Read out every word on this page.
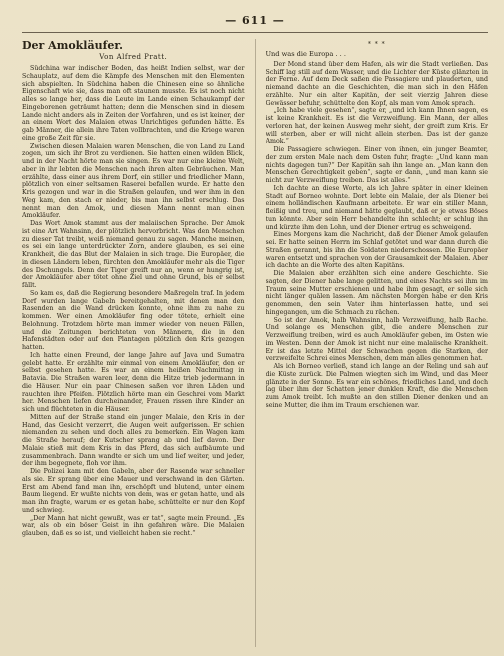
— 611 —
Der Amokläufer.
Von Alfred Pratt.

Südchina war indischer Boden, das heißt Indien selbst, war der Schauplatz, auf dem die Kämpfe des Menschen mit den Elementen sich abspielten. In Südchina haben die Chinesen eine so ähnliche Eigenschaft wie sie, dass man oft staunen musste. Es ist noch nicht alles so lange her, dass die Leute im Lande einen Schaukampf der Eingeborenen geträumt hatten; denn die Menschen sind in diesem Lande nicht anders als in Zeiten der Vorfahren, und es ist keiner, der an einem Wort des Malaien etwas Unrichtiges gefunden hätte. Es gab Männer, die allein ihre Taten vollbrachten, und die Kriege waren eine große Zeit für sie.

Zwischen diesen Malaien waren Menschen, die von Land zu Land zogen, um sich ihr Brot zu verdienen. Sie hatten einen wilden Blick, und in der Nacht hörte man sie singen. Es war nur eine kleine Welt, aber in ihr lebten die Menschen nach ihren alten Gebräuchen. Man erzählte, dass einer aus ihrem Dorf, ein stiller und friedlicher Mann, plötzlich von einer seltsamen Raserei befallen wurde. Er hatte den Kris gezogen und war in die Straßen gelaufen, und wer ihm in den Weg kam, den stach er nieder, bis man ihn selbst erschlug. Das nennt man den Amok, und diesen Mann nennt man einen Amokläufer.

Das Wort Amok stammt aus der malaiischen Sprache. Der Amok ist eine Art Wahnsinn, der plötzlich hervorbricht. Was den Menschen zu dieser Tat treibt, weiß niemand genau zu sagen. Manche meinen, es sei ein lange unterdrückter Zorn, andere glauben, es sei eine Krankheit, die das Blut der Malaien in sich trage. Die Europäer, die in diesen Ländern leben, fürchten den Amokläufer mehr als die Tiger des Dschungels. Denn der Tiger greift nur an, wenn er hungrig ist, der Amokläufer aber tötet ohne Ziel und ohne Grund, bis er selbst fällt.

So kam es, daß die Regierung besondere Maßregeln traf. In jedem Dorf wurden lange Gabeln bereitgehalten, mit denen man den Rasenden an die Wand drücken konnte, ohne ihm zu nahe zu kommen. Wer einen Amokläufer fing oder tötete, erhielt eine Belohnung. Trotzdem hörte man immer wieder von neuen Fällen, und die Zeitungen berichteten von Männern, die in den Hafenstädten oder auf den Plantagen plötzlich den Kris gezogen hatten.

Ich hatte einen Freund, der lange Jahre auf Java und Sumatra gelebt hatte. Er erzählte mir einmal von einem Amokläufer, den er selbst gesehen hatte. Es war an einem heißen Nachmittag in Batavia. Die Straßen waren leer, denn die Hitze trieb jedermann in die Häuser. Nur ein paar Chinesen saßen vor ihren Läden und rauchten ihre Pfeifen. Plötzlich hörte man ein Geschrei vom Markt her. Menschen liefen durcheinander, Frauen rissen ihre Kinder an sich und flüchteten in die Häuser.

Mitten auf der Straße stand ein junger Malaie, den Kris in der Hand, das Gesicht verzerrt, die Augen weit aufgerissen. Er schien niemanden zu sehen und doch alles zu bemerken. Ein Wagen kam die Straße herauf; der Kutscher sprang ab und lief davon. Der Malaie stieß mit dem Kris in das Pferd, das sich aufbäumte und zusammenbrach. Dann wandte er sich um und lief weiter, und jeder, der ihm begegnete, floh vor ihm.

Die Polizei kam mit den Gabeln, aber der Rasende war schneller als sie. Er sprang über eine Mauer und verschwand in den Gärten. Erst am Abend fand man ihn, erschöpft und blutend, unter einem Baum liegend. Er wußte nichts von dem, was er getan hatte, und als man ihn fragte, warum er es getan habe, schüttelte er nur den Kopf und schwieg.

„Der Mann hat nicht gewußt, was er tat“, sagte mein Freund. „Es war, als ob ein böser Geist in ihn gefahren wäre. Die Malaien glauben, daß es so ist, und vielleicht haben sie recht.“

* * *
Und was die Europa . . .

Der Mond stand über dem Hafen, als wir die Stadt verließen. Das Schiff lag still auf dem Wasser, und die Lichter der Küste glänzten in der Ferne. Auf dem Deck saßen die Passagiere und plauderten, und niemand dachte an die Geschichten, die man sich in den Häfen erzählte. Nur ein alter Kapitän, der seit vierzig Jahren diese Gewässer befuhr, schüttelte den Kopf, als man vom Amok sprach.

„Ich habe viele gesehen“, sagte er, „und ich kann Ihnen sagen, es ist keine Krankheit. Es ist die Verzweiflung. Ein Mann, der alles verloren hat, der keinen Ausweg mehr sieht, der greift zum Kris. Er will sterben, aber er will nicht allein sterben. Das ist der ganze Amok.“

Die Passagiere schwiegen. Einer von ihnen, ein junger Beamter, der zum ersten Male nach dem Osten fuhr, fragte: „Und kann man nichts dagegen tun?“ Der Kapitän sah ihn lange an. „Man kann den Menschen Gerechtigkeit geben“, sagte er dann, „und man kann sie nicht zur Verzweiflung treiben. Das ist alles.“

Ich dachte an diese Worte, als ich Jahre später in einer kleinen Stadt auf Borneo wohnte. Dort lebte ein Malaie, der als Diener bei einem holländischen Kaufmann arbeitete. Er war ein stiller Mann, fleißig und treu, und niemand hätte geglaubt, daß er je etwas Böses tun könnte. Aber sein Herr behandelte ihn schlecht; er schlug ihn und kürzte ihm den Lohn, und der Diener ertrug es schweigend.

Eines Morgens kam die Nachricht, daß der Diener Amok gelaufen sei. Er hatte seinen Herrn im Schlaf getötet und war dann durch die Straßen gerannt, bis ihn die Soldaten niederschossen. Die Europäer waren entsetzt und sprachen von der Grausamkeit der Malaien. Aber ich dachte an die Worte des alten Kapitäns.

Die Malaien aber erzählten sich eine andere Geschichte. Sie sagten, der Diener habe lange gelitten, und eines Nachts sei ihm im Traum seine Mutter erschienen und habe ihm gesagt, er solle sich nicht länger quälen lassen. Am nächsten Morgen habe er den Kris genommen, den sein Vater ihm hinterlassen hatte, und sei hingegangen, um die Schmach zu rächen.

So ist der Amok, halb Wahnsinn, halb Verzweiflung, halb Rache. Und solange es Menschen gibt, die andere Menschen zur Verzweiflung treiben, wird es auch Amokläufer geben, im Osten wie im Westen. Denn der Amok ist nicht nur eine malaiische Krankheit. Er ist das letzte Mittel der Schwachen gegen die Starken, der verzweifelte Schrei eines Menschen, dem man alles genommen hat.

Als ich Borneo verließ, stand ich lange an der Reling und sah auf die Küste zurück. Die Palmen wiegten sich im Wind, und das Meer glänzte in der Sonne. Es war ein schönes, friedliches Land, und doch lag über ihm der Schatten jener dunklen Kraft, die die Menschen zum Amok treibt. Ich mußte an den stillen Diener denken und an seine Mutter, die ihm im Traum erschienen war.
